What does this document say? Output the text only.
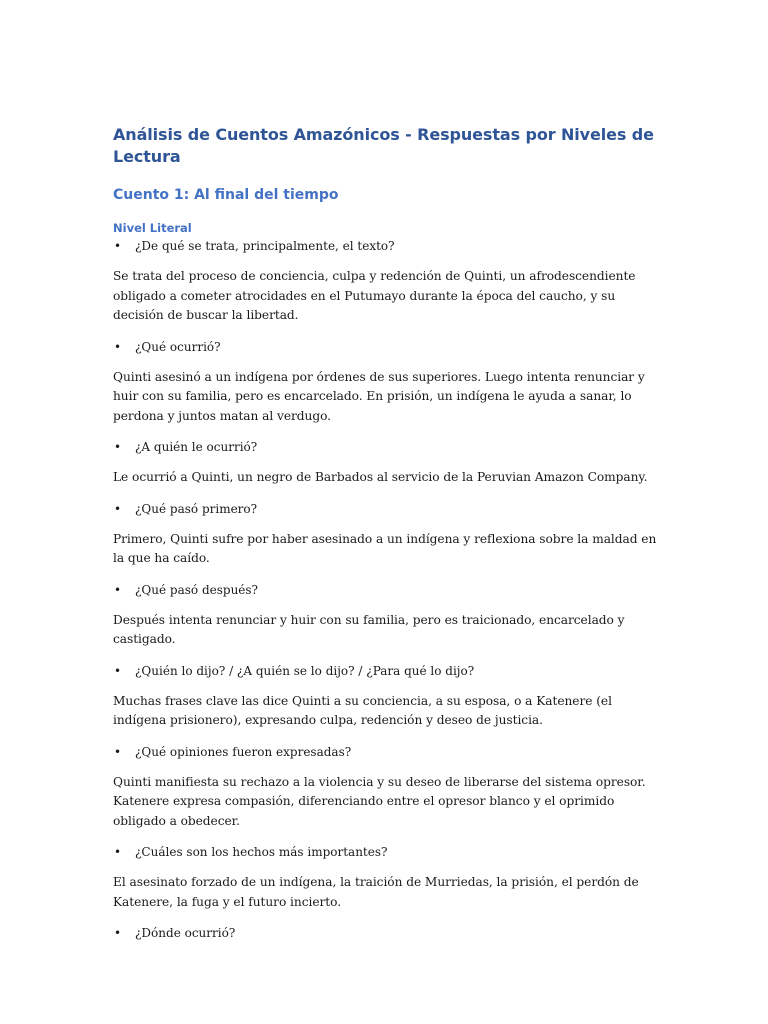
Análisis de Cuentos Amazónicos - Respuestas por Niveles de Lectura
Cuento 1: Al final del tiempo
Nivel Literal
• ¿De qué se trata, principalmente, el texto?

Se trata del proceso de conciencia, culpa y redención de Quinti, un afrodescendiente obligado a cometer atrocidades en el Putumayo durante la época del caucho, y su decisión de buscar la libertad.

• ¿Qué ocurrió?

Quinti asesinó a un indígena por órdenes de sus superiores. Luego intenta renunciar y huir con su familia, pero es encarcelado. En prisión, un indígena le ayuda a sanar, lo perdona y juntos matan al verdugo.

• ¿A quién le ocurrió?

Le ocurrió a Quinti, un negro de Barbados al servicio de la Peruvian Amazon Company.

• ¿Qué pasó primero?

Primero, Quinti sufre por haber asesinado a un indígena y reflexiona sobre la maldad en la que ha caído.

• ¿Qué pasó después?

Después intenta renunciar y huir con su familia, pero es traicionado, encarcelado y castigado.

• ¿Quién lo dijo? / ¿A quién se lo dijo? / ¿Para qué lo dijo?

Muchas frases clave las dice Quinti a su conciencia, a su esposa, o a Katenere (el indígena prisionero), expresando culpa, redención y deseo de justicia.

• ¿Qué opiniones fueron expresadas?

Quinti manifiesta su rechazo a la violencia y su deseo de liberarse del sistema opresor. Katenere expresa compasión, diferenciando entre el opresor blanco y el oprimido obligado a obedecer.

• ¿Cuáles son los hechos más importantes?

El asesinato forzado de un indígena, la traición de Murriedas, la prisión, el perdón de Katenere, la fuga y el futuro incierto.

• ¿Dónde ocurrió?
